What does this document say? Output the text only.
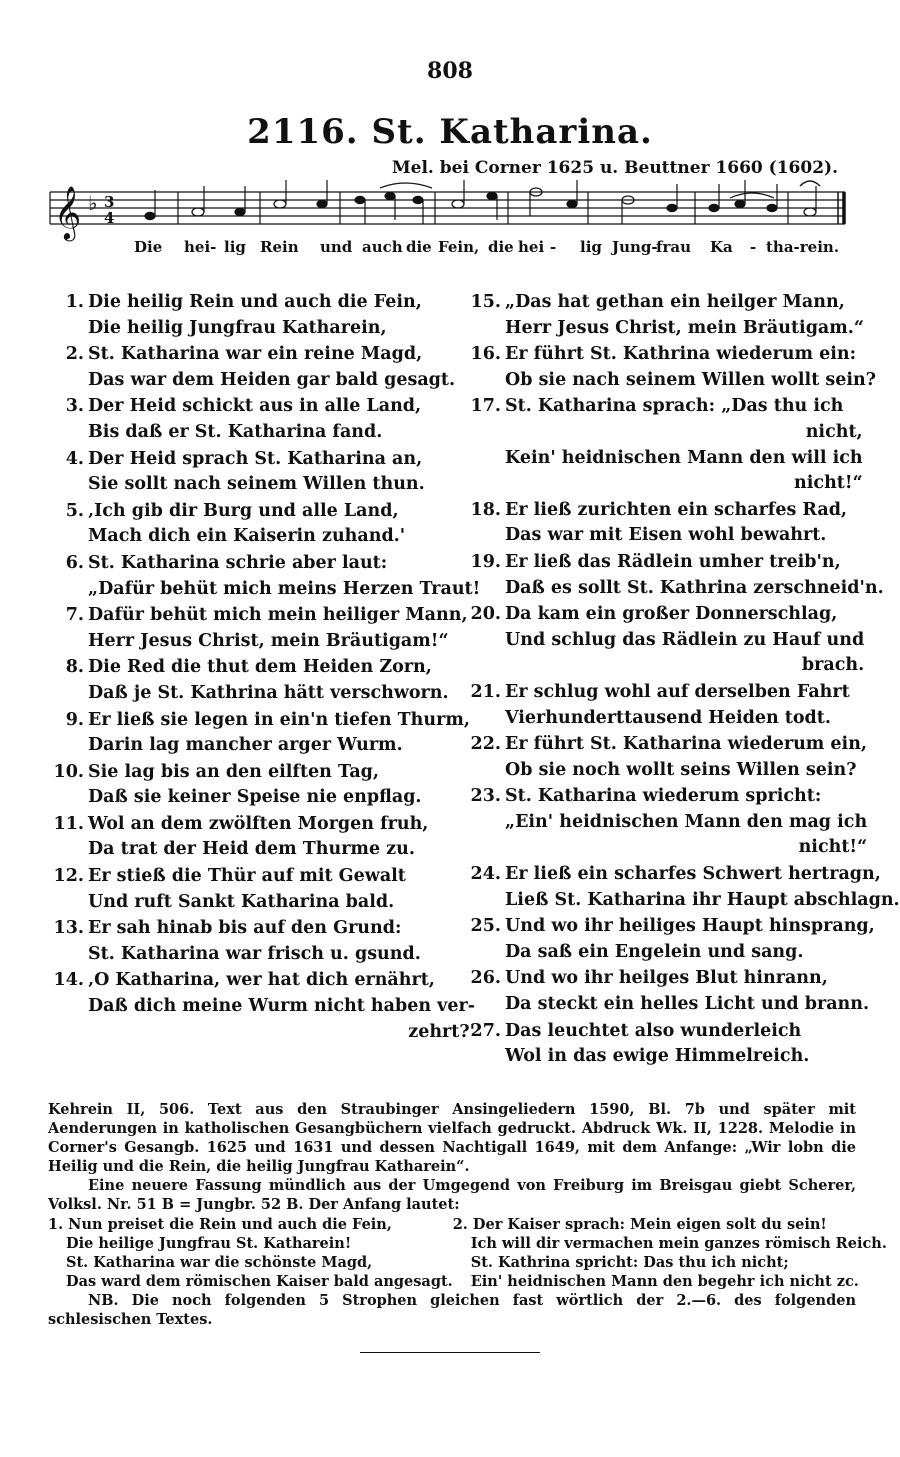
808
2116. St. Katharina.
Mel. bei Corner 1625 u. Beuttner 1660 (1602).
𝄞 ♭ 3
4
Die hei- lig Rein und auch die Fein, die hei - lig Jung-
frau Ka - tha-rein.
1. Die heilig Rein und auch die Fein,
Die heilig Jungfrau Katharein,
2. St. Katharina war ein reine Magd,
Das war dem Heiden gar bald gesagt.
3. Der Heid schickt aus in alle Land,
Bis daß er St. Katharina fand.
4. Der Heid sprach St. Katharina an,
Sie sollt nach seinem Willen thun.
5. ‚Ich gib dir Burg und alle Land,
Mach dich ein Kaiserin zuhand.'
6. St. Katharina schrie aber laut:
„Dafür behüt mich meins Herzen Traut!
7. Dafür behüt mich mein heiliger Mann,
Herr Jesus Christ, mein Bräutigam!“
8. Die Red die thut dem Heiden Zorn,
Daß je St. Kathrina hätt verschworn.
9. Er ließ sie legen in ein'n tiefen Thurm,
Darin lag mancher arger Wurm.
10. Sie lag bis an den eilften Tag,
Daß sie keiner Speise nie enpflag.
11. Wol an dem zwölften Morgen fruh,
Da trat der Heid dem Thurme zu.
12. Er stieß die Thür auf mit Gewalt
Und ruft Sankt Katharina bald.
13. Er sah hinab bis auf den Grund:
St. Katharina war frisch u. gsund.
14. ‚O Katharina, wer hat dich ernährt,
Daß dich meine Wurm nicht haben ver-
zehrt?'
15. „Das hat gethan ein heilger Mann,
Herr Jesus Christ, mein Bräutigam.“
16. Er führt St. Kathrina wiederum ein:
Ob sie nach seinem Willen wollt sein?
17. St. Katharina sprach: „Das thu ich
nicht,
Kein' heidnischen Mann den will ich
nicht!“
18. Er ließ zurichten ein scharfes Rad,
Das war mit Eisen wohl bewahrt.
19. Er ließ das Rädlein umher treib'n,
Daß es sollt St. Kathrina zerschneid'n.
20. Da kam ein großer Donnerschlag,
Und schlug das Rädlein zu Hauf und
brach.
21. Er schlug wohl auf derselben Fahrt
Vierhunderttausend Heiden todt.
22. Er führt St. Katharina wiederum ein,
Ob sie noch wollt seins Willen sein?
23. St. Katharina wiederum spricht:
„Ein' heidnischen Mann den mag ich
nicht!“
24. Er ließ ein scharfes Schwert hertragn,
Ließ St. Katharina ihr Haupt abschlagn.
25. Und wo ihr heiliges Haupt hinsprang,
Da saß ein Engelein und sang.
26. Und wo ihr heilges Blut hinrann,
Da steckt ein helles Licht und brann.
27. Das leuchtet also wunderleich
Wol in das ewige Himmelreich.

Kehrein II, 506. Text aus den Straubinger Ansingeliedern 1590, Bl. 7b und später mit Aenderungen in katholischen Gesangbüchern vielfach gedruckt. Abdruck Wk. II, 1228. Melodie in Corner's Gesangb. 1625 und 1631 und dessen Nachtigall 1649, mit dem Anfange: „Wir lobn die Heilig und die Rein, die heilig Jungfrau Katharein“.

Eine neuere Fassung mündlich aus der Umgegend von Freiburg im Breisgau giebt Scherer, Volksl. Nr. 51 B = Jungbr. 52 B. Der Anfang lautet:

1. Nun preiset die Rein und auch die Fein,
Die heilige Jungfrau St. Katharein!
St. Katharina war die schönste Magd,
Das ward dem römischen Kaiser bald angesagt.
2. Der Kaiser sprach: Mein eigen solt du sein!
Ich will dir vermachen mein ganzes römisch Reich.
St. Kathrina spricht: Das thu ich nicht;
Ein' heidnischen Mann den begehr ich nicht zc.

NB. Die noch folgenden 5 Strophen gleichen fast wörtlich der 2.—6. des folgenden schlesischen Textes.
